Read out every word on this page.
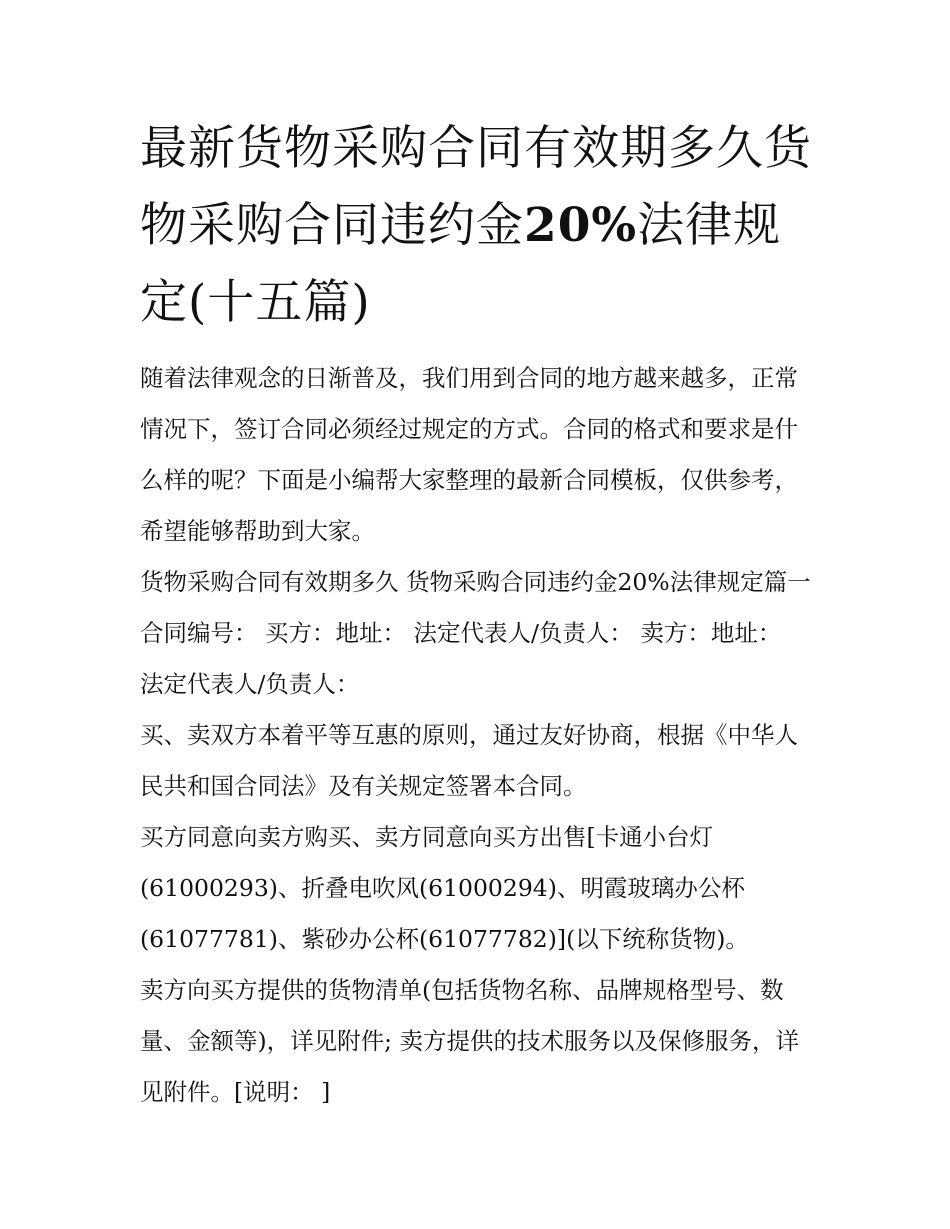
最新货物采购合同有效期多久货物采购合同违约金20%法律规定(十五篇)

随着法律观念的日渐普及，我们用到合同的地方越来越多，正常情况下，签订合同必须经过规定的方式。合同的格式和要求是什么样的呢？下面是小编帮大家整理的最新合同模板，仅供参考，希望能够帮助到大家。

货物采购合同有效期多久 货物采购合同违约金20%法律规定篇一 合同编号： 买方：地址： 法定代表人/负责人： 卖方：地址： 法定代表人/负责人：

买、卖双方本着平等互惠的原则，通过友好协商，根据《中华人民共和国合同法》及有关规定签署本合同。

买方同意向卖方购买、卖方同意向买方出售[卡通小台灯(61000293)、折叠电吹风(61000294)、明霞玻璃办公杯(61077781)、紫砂办公杯(61077782)](以下统称货物)。

卖方向买方提供的货物清单(包括货物名称、品牌规格型号、数量、金额等)，详见附件; 卖方提供的技术服务以及保修服务，详见附件。[说明： ]
